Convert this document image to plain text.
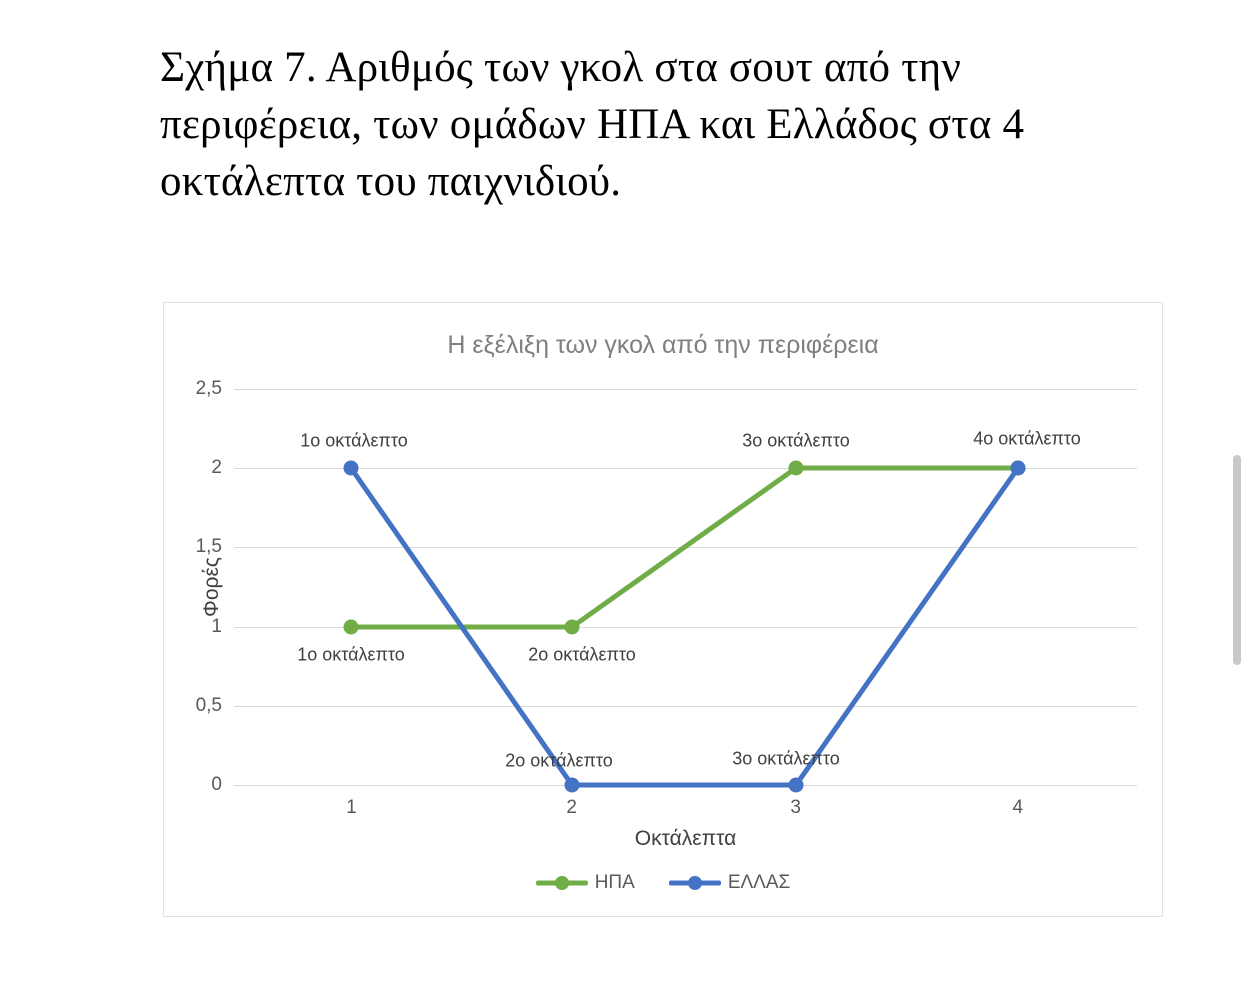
Σχήμα 7. Αριθμός των γκολ στα σουτ από την περιφέρεια, των ομάδων ΗΠΑ και Ελλάδος στα 4 οκτάλεπτα του παιχνιδιού.
Η εξέλιξη των γκολ από την περιφέρεια
2,5
2
1,5
1
0,5
0
1	2	3	4
Οκτάλεπτα
Φορές
1ο οκτάλεπτο	2ο οκτάλεπτο
3ο οκτάλεπτο	4ο οκτάλεπτο
1ο οκτάλεπτο
2ο οκτάλεπτο	3ο οκτάλεπτο
ΗΠΑ	ΕΛΛΑΣ
